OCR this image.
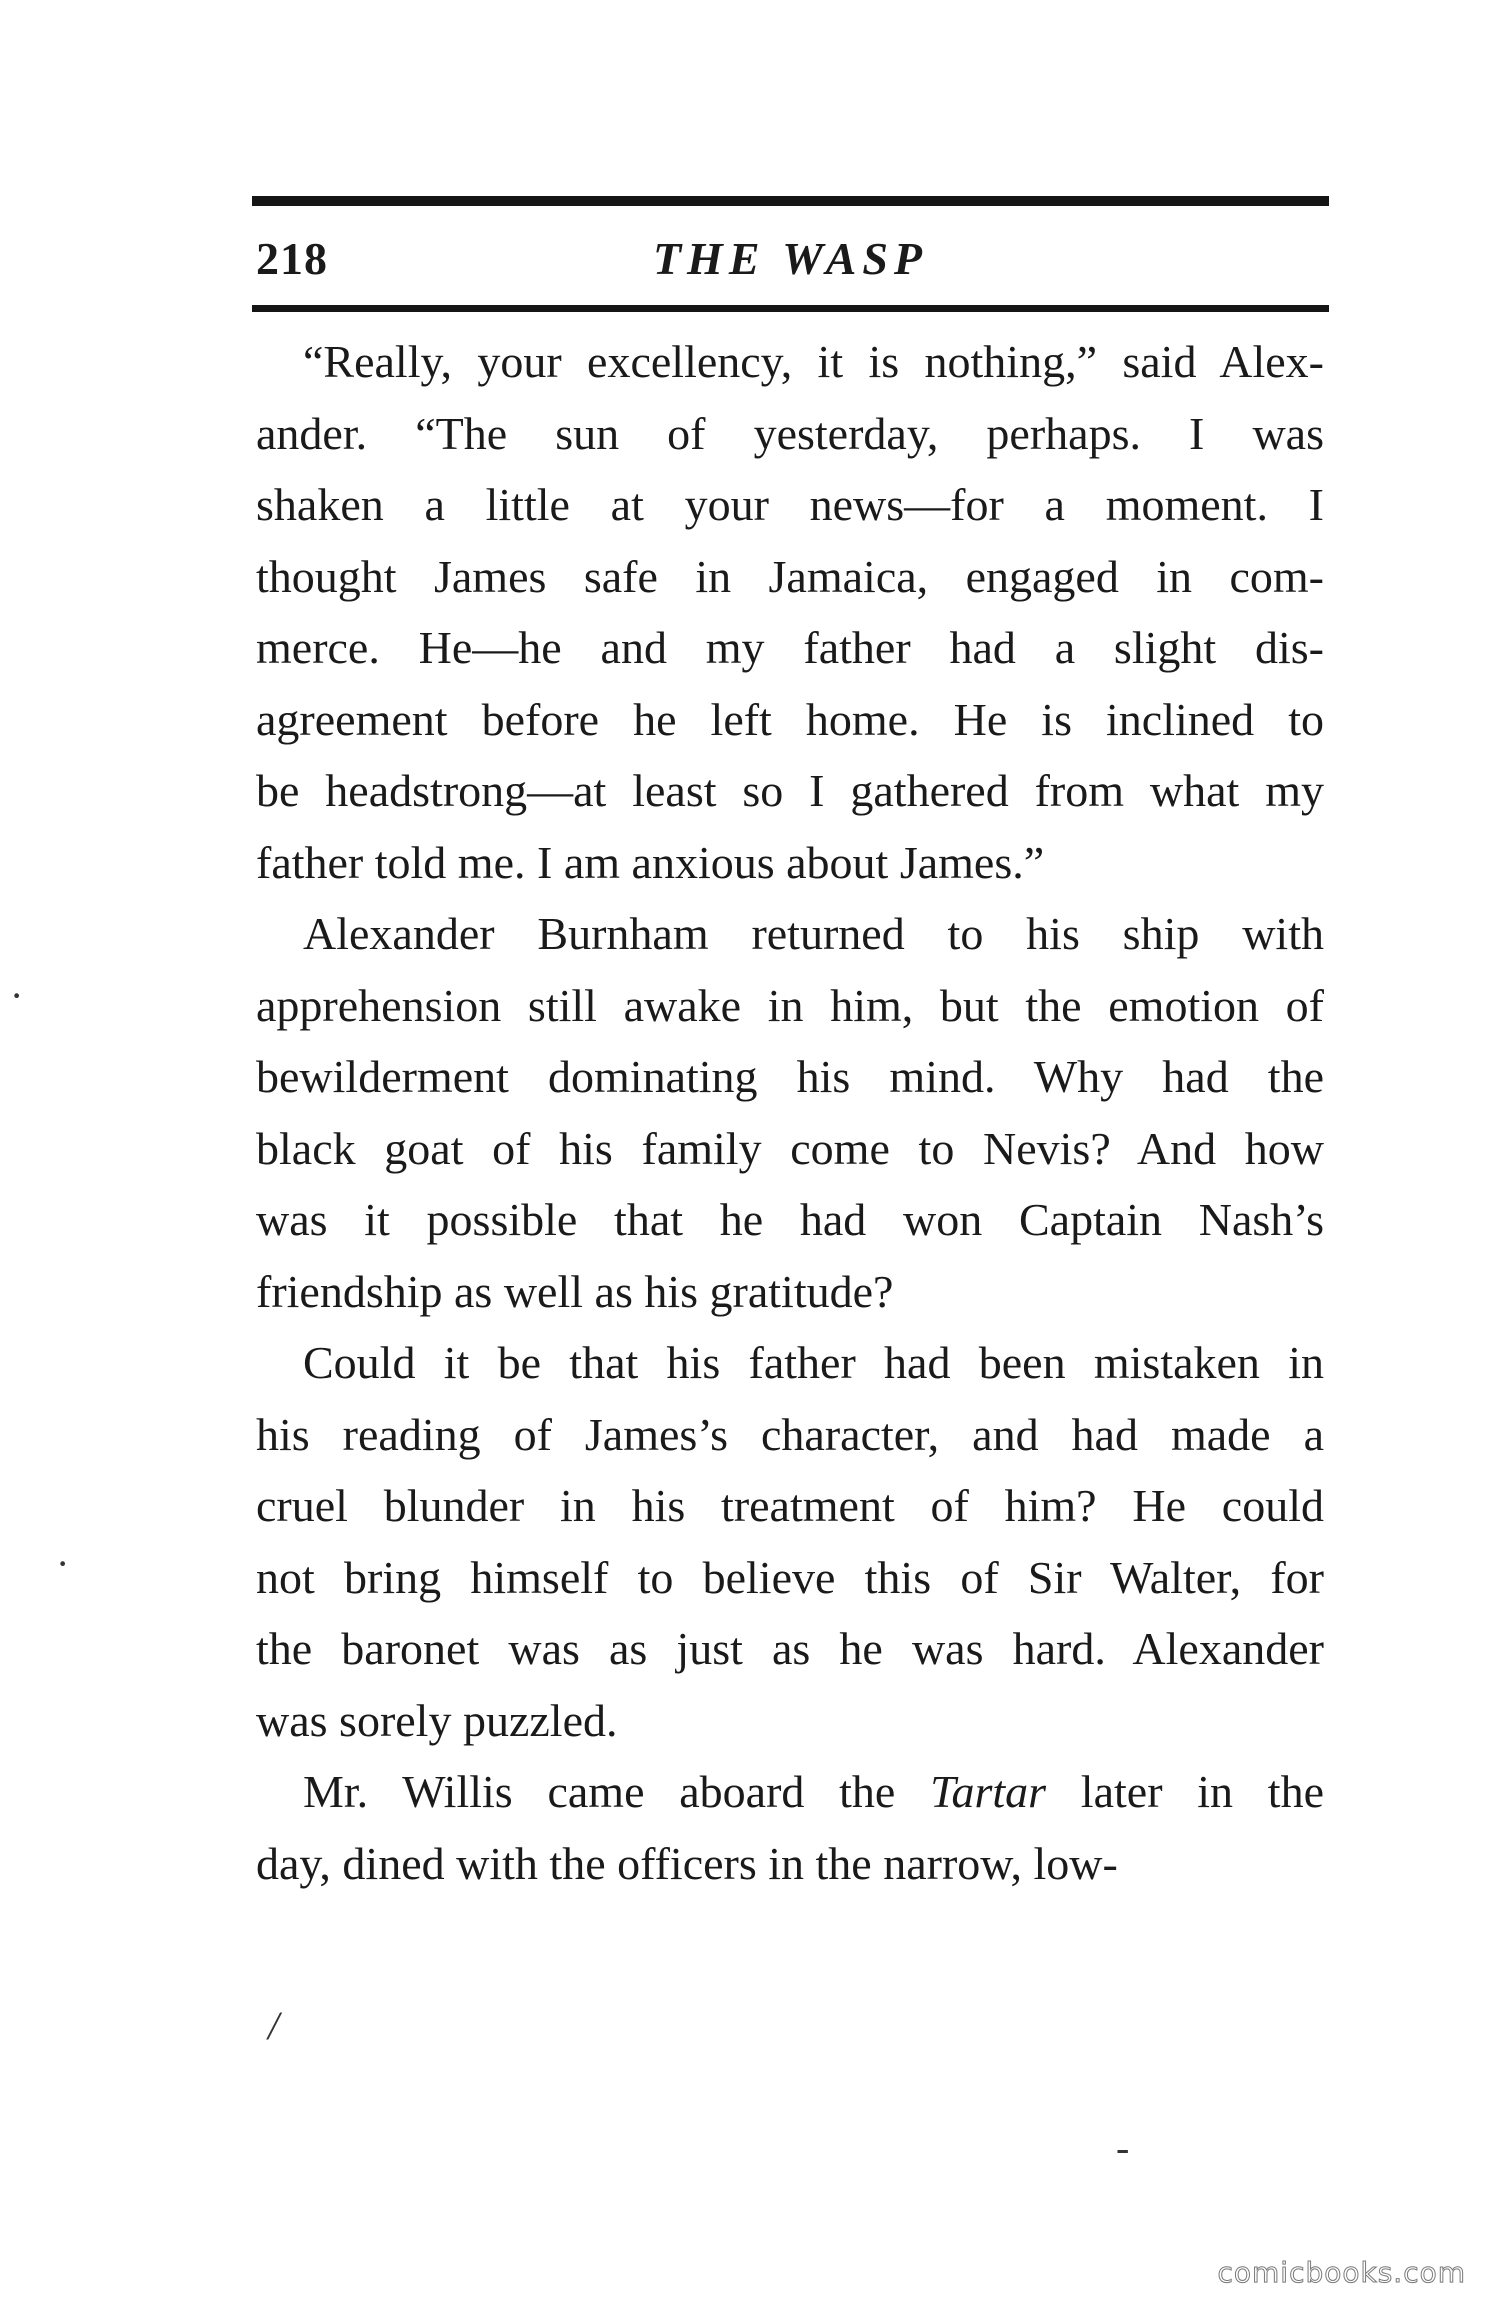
218	THE WASP
“Really, your excellency, it is nothing,” said Alex-
ander. “The sun of yesterday, perhaps. I was
shaken a little at your news—for a moment. I
thought James safe in Jamaica, engaged in com-
merce. He—he and my father had a slight dis-
agreement before he left home. He is inclined to
be headstrong—at least so I gathered from what my
father told me. I am anxious about James.”
Alexander Burnham returned to his ship with
apprehension still awake in him, but the emotion of
bewilderment dominating his mind. Why had the
black goat of his family come to Nevis? And how
was it possible that he had won Captain Nash’s
friendship as well as his gratitude?
Could it be that his father had been mistaken in
his reading of James’s character, and had made a
cruel blunder in his treatment of him? He could
not bring himself to believe this of Sir Walter, for
the baronet was as just as he was hard. Alexander
was sorely puzzled.
Mr. Willis came aboard the Tartar later in the
day, dined with the officers in the narrow, low-
·
·
/
-
comicbooks.com
